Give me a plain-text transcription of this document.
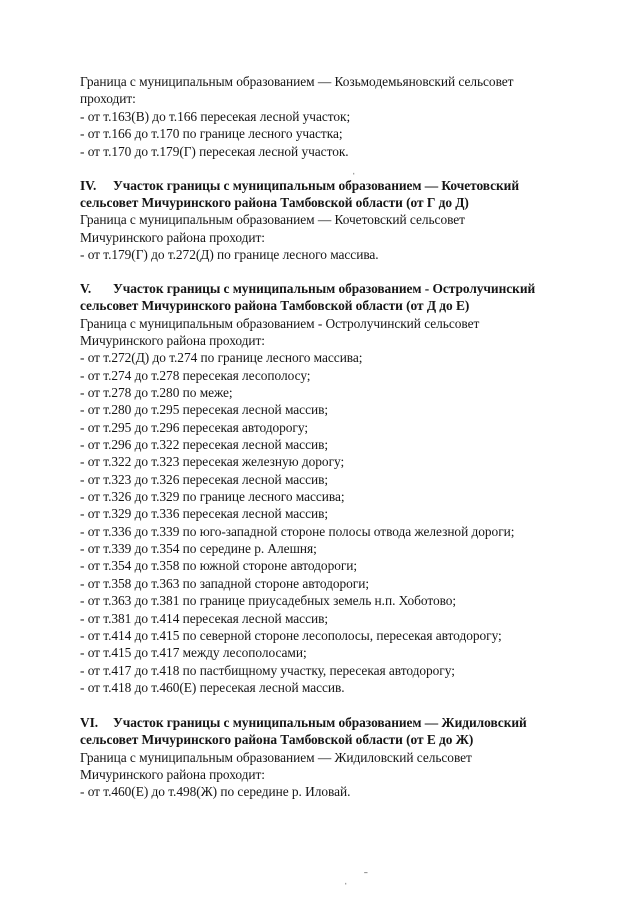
Граница с муниципальным образованием — Козьмодемьяновский сельсовет
проходит:
- от т.163(В) до т.166 пересекая лесной участок;
- от т.166 до т.170 по границе лесного участка;
- от т.170 до т.179(Г) пересекая лесной участок.
ˌ
IV. Участок границы с муниципальным образованием — Кочетовский
сельсовет Мичуринского района Тамбовской области (от Г до Д)
Граница с муниципальным образованием — Кочетовский сельсовет
Мичуринского района проходит:
- от т.179(Г) до т.272(Д) по границе лесного массива.
V. Участок границы с муниципальным образованием - Остролучинский
сельсовет Мичуринского района Тамбовской области (от Д до Е)
Граница с муниципальным образованием - Остролучинский сельсовет
Мичуринского района проходит:
- от т.272(Д) до т.274 по границе лесного массива;
- от т.274 до т.278 пересекая лесополосу;
- от т.278 до т.280 по меже;
- от т.280 до т.295 пересекая лесной массив;
- от т.295 до т.296 пересекая автодорогу;
- от т.296 до т.322 пересекая лесной массив;
- от т.322 до т.323 пересекая железную дорогу;
- от т.323 до т.326 пересекая лесной массив;
- от т.326 до т.329 по границе лесного массива;
- от т.329 до т.336 пересекая лесной массив;
- от т.336 до т.339 по юго-западной стороне полосы отвода железной дороги;
- от т.339 до т.354 по середине р. Алешня;
- от т.354 до т.358 по южной стороне автодороги;
- от т.358 до т.363 по западной стороне автодороги;
- от т.363 до т.381 по границе приусадебных земель н.п. Хоботово;
- от т.381 до т.414 пересекая лесной массив;
- от т.414 до т.415 по северной стороне лесополосы, пересекая автодорогу;
- от т.415 до т.417 между лесополосами;
- от т.417 до т.418 по пастбищному участку, пересекая автодорогу;
- от т.418 до т.460(Е) пересекая лесной массив.
VI. Участок границы с муниципальным образованием — Жидиловский
сельсовет Мичуринского района Тамбовской области (от Е до Ж)
Граница с муниципальным образованием — Жидиловский сельсовет
Мичуринского района проходит:
- от т.460(Е) до т.498(Ж) по середине р. Иловай.
ˌ ˉ
